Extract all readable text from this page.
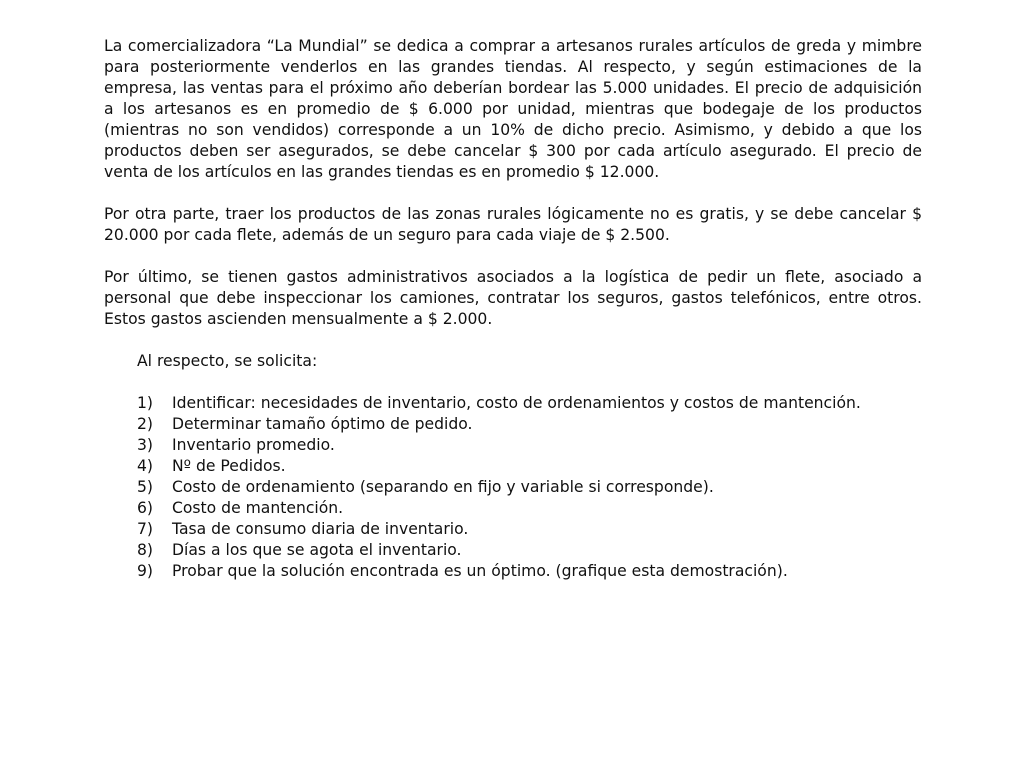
La comercializadora “La Mundial” se dedica a comprar a artesanos rurales artículos de greda y mimbre para posteriormente venderlos en las grandes tiendas. Al respecto, y según estimaciones de la empresa, las ventas para el próximo año deberían bordear las 5.000 unidades. El precio de adquisición a los artesanos es en promedio de $ 6.000 por unidad, mientras que bodegaje de los productos (mientras no son vendidos) corresponde a un 10% de dicho precio. Asimismo, y debido a que los productos deben ser asegurados, se debe cancelar $ 300 por cada artículo asegurado. El precio de venta de los artículos en las grandes tiendas es en promedio $ 12.000.

Por otra parte, traer los productos de las zonas rurales lógicamente no es gratis, y se debe cancelar $ 20.000 por cada flete, además de un seguro para cada viaje de $ 2.500.

Por último, se tienen gastos administrativos asociados a la logística de pedir un flete, asociado a personal que debe inspeccionar los camiones, contratar los seguros, gastos telefónicos, entre otros. Estos gastos ascienden mensualmente a $ 2.000.

Al respecto, se solicita:

1)	Identificar: necesidades de inventario, costo de ordenamientos y costos de mantención.
2)	Determinar tamaño óptimo de pedido.
3)	Inventario promedio.
4)	Nº de Pedidos.
5)	Costo de ordenamiento (separando en fijo y variable si corresponde).
6)	Costo de mantención.
7)	Tasa de consumo diaria de inventario.
8)	Días a los que se agota el inventario.
9)	Probar que la solución encontrada es un óptimo. (grafique esta demostración).
